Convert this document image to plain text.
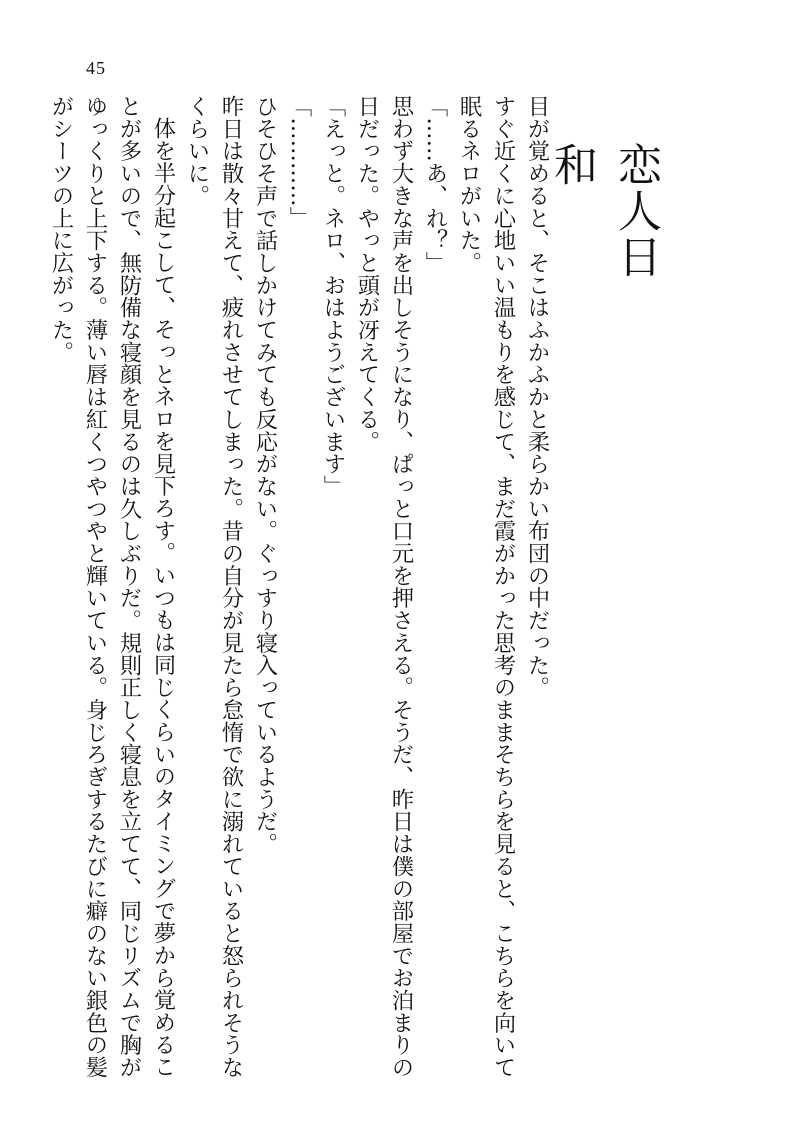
45
恋人日和

目が覚めると、そこはふかふかと柔らかい布団の中だった。

すぐ近くに心地いい温もりを感じて、まだ霞がかった思考のままそちらを見ると、こちらを向いて眠るネロがいた。

「……あ、れ？」

思わず大きな声を出しそうになり、ぱっと口元を押さえる。そうだ、昨日は僕の部屋でお泊まりの日だった。やっと頭が冴えてくる。

「えっと。ネロ、おはようございます」

「…………」

ひそひそ声で話しかけてみても反応がない。ぐっすり寝入っているようだ。

昨日は散々甘えて、疲れさせてしまった。昔の自分が見たら怠惰で欲に溺れていると怒られそうなくらいに。

体を半分起こして、そっとネロを見下ろす。いつもは同じくらいのタイミングで夢から覚めることが多いので、無防備な寝顔を見るのは久しぶりだ。規則正しく寝息を立てて、同じリズムで胸がゆっくりと上下する。薄い唇は紅くつやつやと輝いている。身じろぎするたびに癖のない銀色の髪がシーツの上に広がった。
